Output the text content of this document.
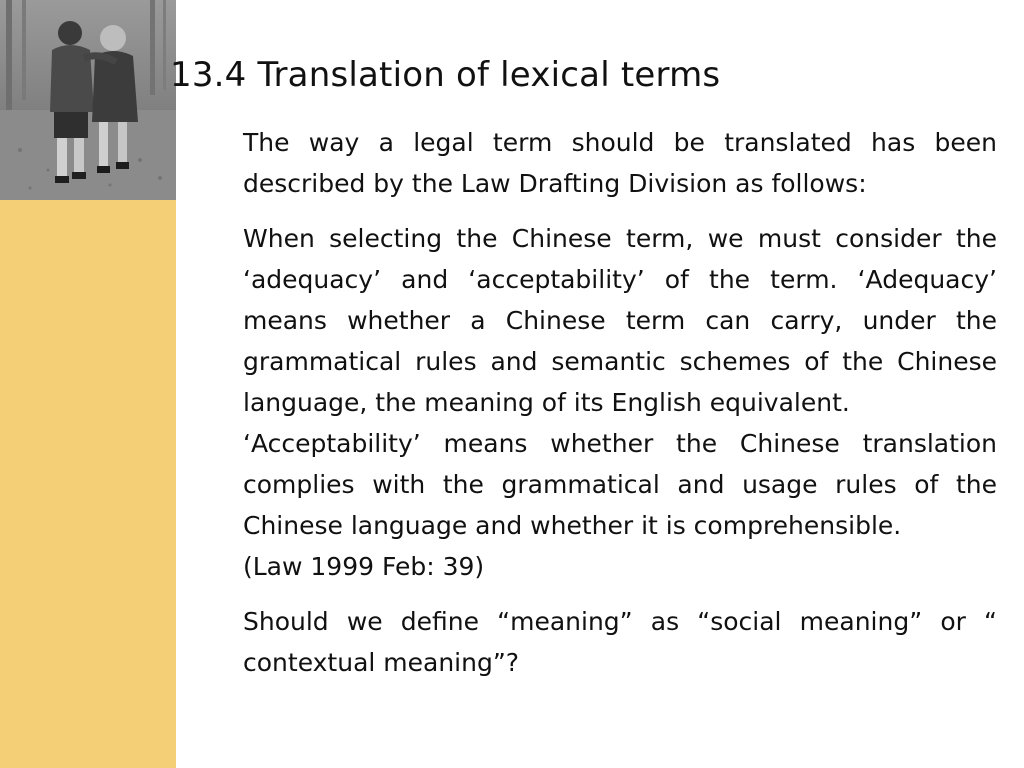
13.4 Translation of lexical terms

The way a legal term should be translated has been described by the Law Drafting Division as follows:

When selecting the Chinese term, we must consider the ‘adequacy’ and ‘acceptability’ of the term. ‘Adequacy’ means whether a Chinese term can carry, under the grammatical rules and semantic schemes of the Chinese language, the meaning of its English equivalent.

‘Acceptability’ means whether the Chinese translation complies with the grammatical and usage rules of the Chinese language and whether it is comprehensible.

(Law 1999 Feb: 39)

Should we define “meaning” as “social meaning” or “ contextual meaning”?
